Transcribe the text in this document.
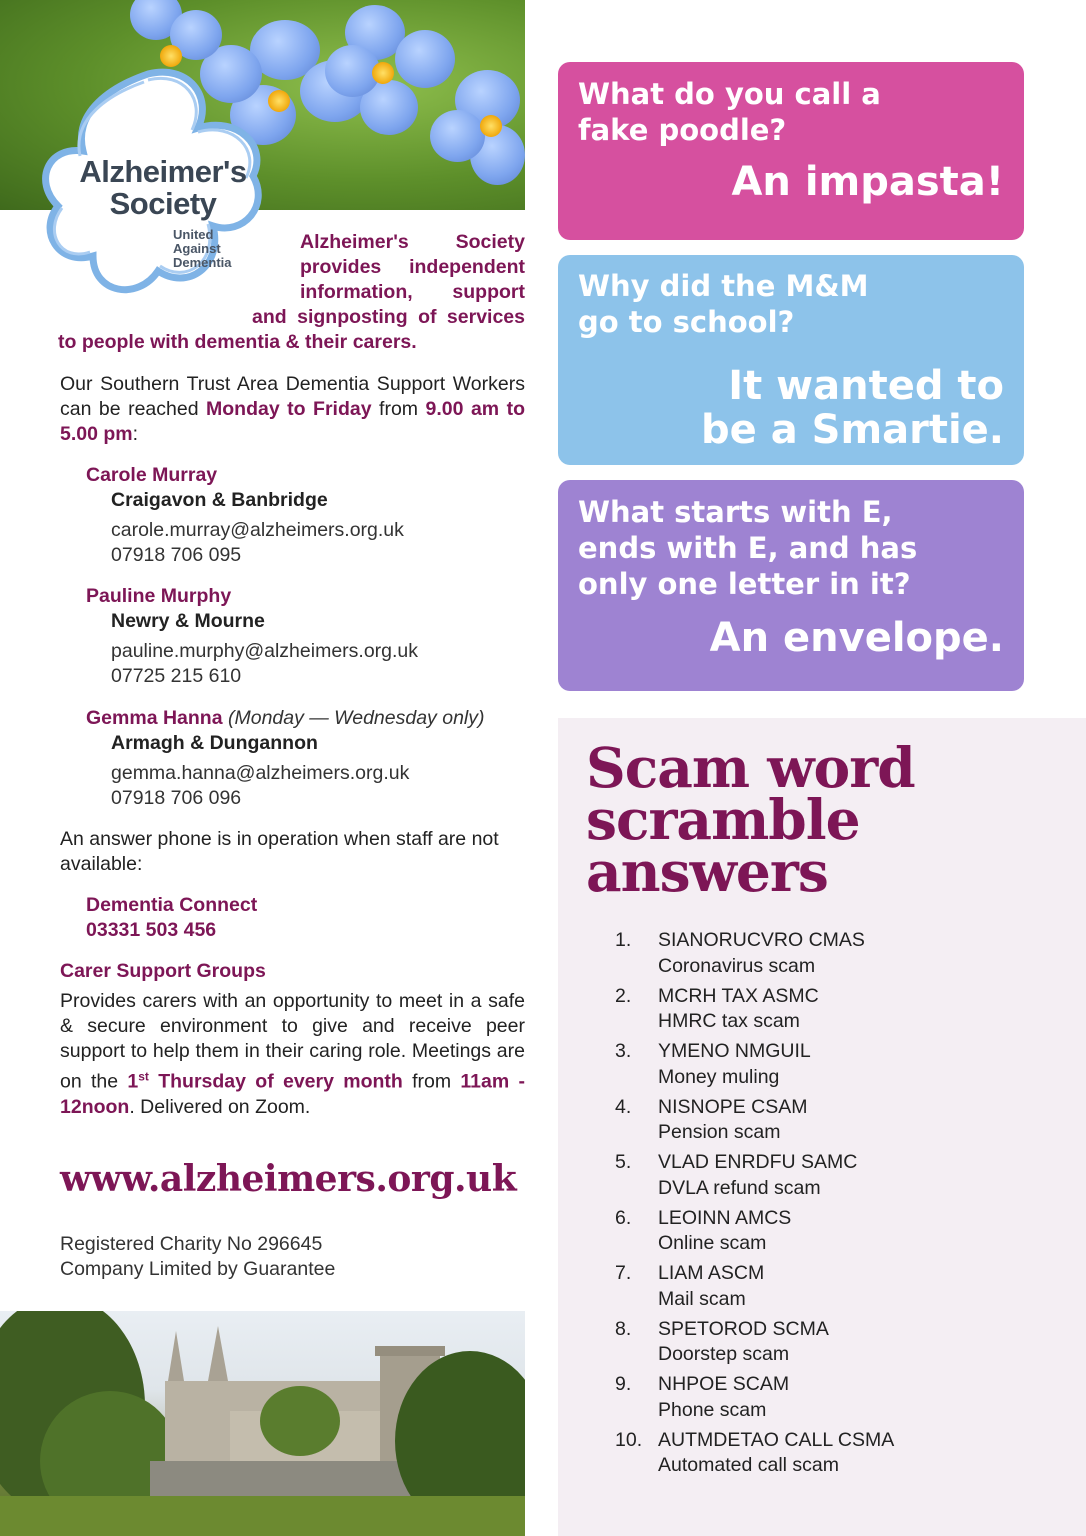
Alzheimer's
Society
United
Against
Dementia
Alzheimer's Society
provides independent
information, support
and signposting of services
to people with dementia & their carers.
Our Southern Trust Area Dementia Support Workers can be reached Monday to Friday from 9.00 am to 5.00 pm:
Carole Murray
Craigavon & Banbridge
carole.murray@alzheimers.org.uk
07918 706 095
Pauline Murphy
Newry & Mourne
pauline.murphy@alzheimers.org.uk
07725 215 610
Gemma Hanna (Monday — Wednesday only)
Armagh & Dungannon
gemma.hanna@alzheimers.org.uk
07918 706 096
An answer phone is in operation when staff are not available:
Dementia Connect
03331 503 456
Carer Support Groups
Provides carers with an opportunity to meet in a safe & secure environment to give and receive peer support to help them in their caring role. Meetings are on the 1st Thursday of every month from 11am - 12noon. Delivered on Zoom.
www.alzheimers.org.uk
Registered Charity No 296645
Company Limited by Guarantee
What do you call a
fake poodle?
An impasta!
Why did the M&M
go to school?
It wanted to
be a Smartie.
What starts with E,
ends with E, and has
only one letter in it?
An envelope.
Scam word
scramble
answers
1.	SIANORUCVRO CMAS
Coronavirus scam
2.	MCRH TAX ASMC
HMRC tax scam
3.	YMENO NMGUIL
Money muling
4.	NISNOPE CSAM
Pension scam
5.	VLAD ENRDFU SAMC
DVLA refund scam
6.	LEOINN AMCS
Online scam
7.	LIAM ASCM
Mail scam
8.	SPETOROD SCMA
Doorstep scam
9.	NHPOE SCAM
Phone scam
10. AUTMDETAO CALL CSMA
Automated call scam
